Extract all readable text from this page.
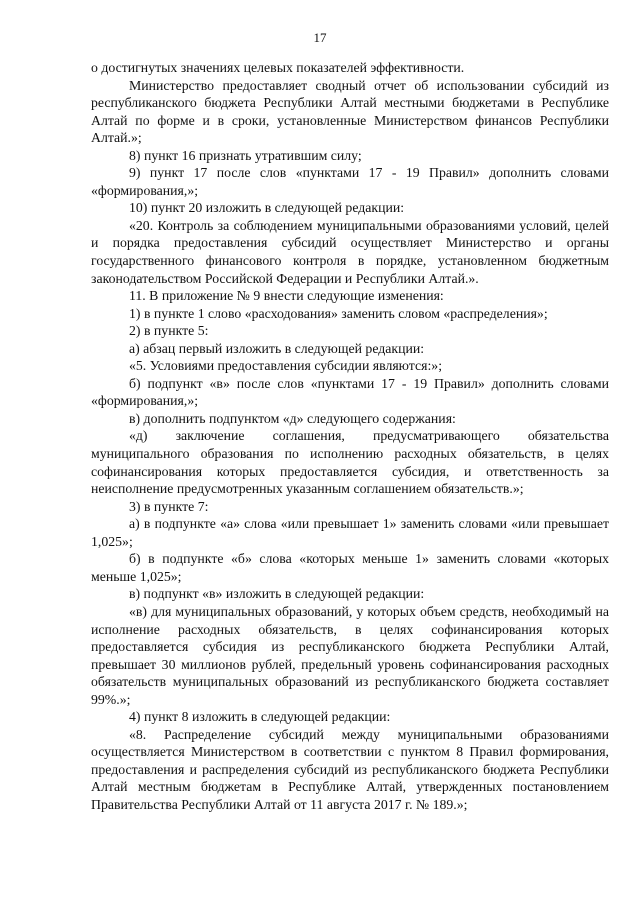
17

о достигнутых значениях целевых показателей эффективности.

Министерство предоставляет сводный отчет об использовании субсидий из республиканского бюджета Республики Алтай местными бюджетами в Республике Алтай по форме и в сроки, установленные Министерством финансов Республики Алтай.»;

8) пункт 16 признать утратившим силу;

9) пункт 17 после слов «пунктами 17 - 19 Правил» дополнить словами «формирования,»;

10) пункт 20 изложить в следующей редакции:

«20. Контроль за соблюдением муниципальными образованиями условий, целей и порядка предоставления субсидий осуществляет Министерство и органы государственного финансового контроля в порядке, установленном бюджетным законодательством Российской Федерации и Республики Алтай.».

11. В приложение № 9 внести следующие изменения:

1) в пункте 1 слово «расходования» заменить словом «распределения»;

2) в пункте 5:

а) абзац первый изложить в следующей редакции:

«5. Условиями предоставления субсидии являются:»;

б) подпункт «в» после слов «пунктами 17 - 19 Правил» дополнить словами «формирования,»;

в) дополнить подпунктом «д» следующего содержания:

«д) заключение соглашения, предусматривающего обязательства муниципального образования по исполнению расходных обязательств, в целях софинансирования которых предоставляется субсидия, и ответственность за неисполнение предусмотренных указанным соглашением обязательств.»;

3) в пункте 7:

а) в подпункте «а» слова «или превышает 1» заменить словами «или превышает 1,025»;

б) в подпункте «б» слова «которых меньше 1» заменить словами «которых меньше 1,025»;

в) подпункт «в» изложить в следующей редакции:

«в) для муниципальных образований, у которых объем средств, необходимый на исполнение расходных обязательств, в целях софинансирования которых предоставляется субсидия из республиканского бюджета Республики Алтай, превышает 30 миллионов рублей, предельный уровень софинансирования расходных обязательств муниципальных образований из республиканского бюджета составляет 99%.»;

4) пункт 8 изложить в следующей редакции:

«8. Распределение субсидий между муниципальными образованиями осуществляется Министерством в соответствии с пунктом 8 Правил формирования, предоставления и распределения субсидий из республиканского бюджета Республики Алтай местным бюджетам в Республике Алтай, утвержденных постановлением Правительства Республики Алтай от 11 августа 2017 г. № 189.»;
